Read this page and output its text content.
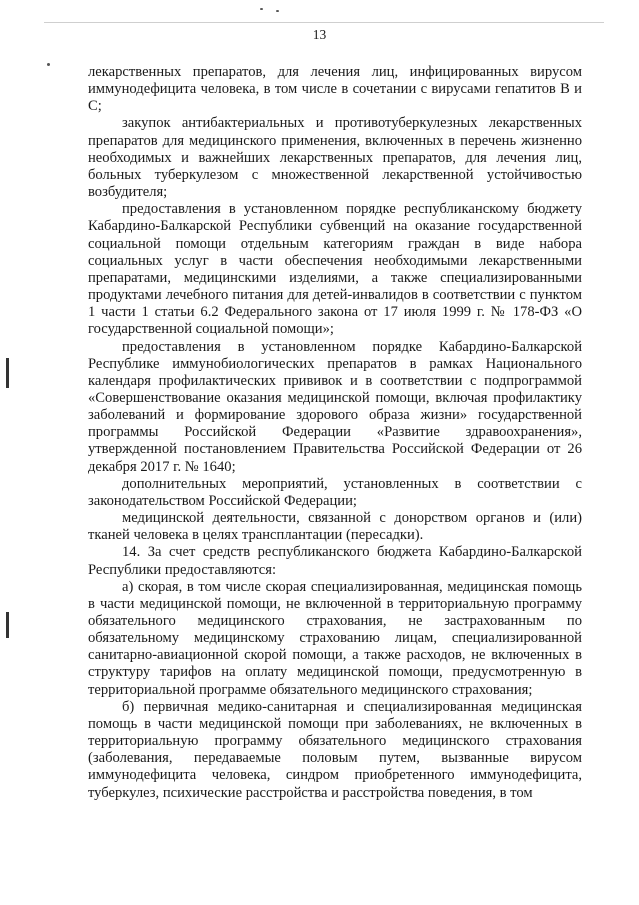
13

лекарственных препаратов, для лечения лиц, инфицированных вирусом иммунодефицита человека, в том числе в сочетании с вирусами гепатитов В и С;

закупок антибактериальных и противотуберкулезных лекарственных препаратов для медицинского применения, включенных в перечень жизненно необходимых и важнейших лекарственных препаратов, для лечения лиц, больных туберкулезом с множественной лекарственной устойчивостью возбудителя;

предоставления в установленном порядке республиканскому бюджету Кабардино-Балкарской Республики субвенций на оказание государственной социальной помощи отдельным категориям граждан в виде набора социальных услуг в части обеспечения необходимыми лекарственными препаратами, медицинскими изделиями, а также специализированными продуктами лечебного питания для детей-инвалидов в соответствии с пунктом 1 части 1 статьи 6.2 Федерального закона от 17 июля 1999 г. № 178-ФЗ «О государственной социальной помощи»;

предоставления в установленном порядке Кабардино-Балкарской Республике иммунобиологических препаратов в рамках Национального календаря профилактических прививок и в соответствии с подпрограммой «Совершенствование оказания медицинской помощи, включая профилактику заболеваний и формирование здорового образа жизни» государственной программы Российской Федерации «Развитие здравоохранения», утвержденной постановлением Правительства Российской Федерации от 26 декабря 2017 г. № 1640;

дополнительных мероприятий, установленных в соответствии с законодательством Российской Федерации;

медицинской деятельности, связанной с донорством органов и (или) тканей человека в целях трансплантации (пересадки).

14. За счет средств республиканского бюджета Кабардино-Балкарской Республики предоставляются:

а) скорая, в том числе скорая специализированная, медицинская помощь в части медицинской помощи, не включенной в территориальную программу обязательного медицинского страхования, не застрахованным по обязательному медицинскому страхованию лицам, специализированной санитарно-авиационной скорой помощи, а также расходов, не включенных в структуру тарифов на оплату медицинской помощи, предусмотренную в территориальной программе обязательного медицинского страхования;

б) первичная медико-санитарная и специализированная медицинская помощь в части медицинской помощи при заболеваниях, не включенных в территориальную программу обязательного медицинского страхования (заболевания, передаваемые половым путем, вызванные вирусом иммунодефицита человека, синдром приобретенного иммунодефицита, туберкулез, психические расстройства и расстройства поведения, в том
